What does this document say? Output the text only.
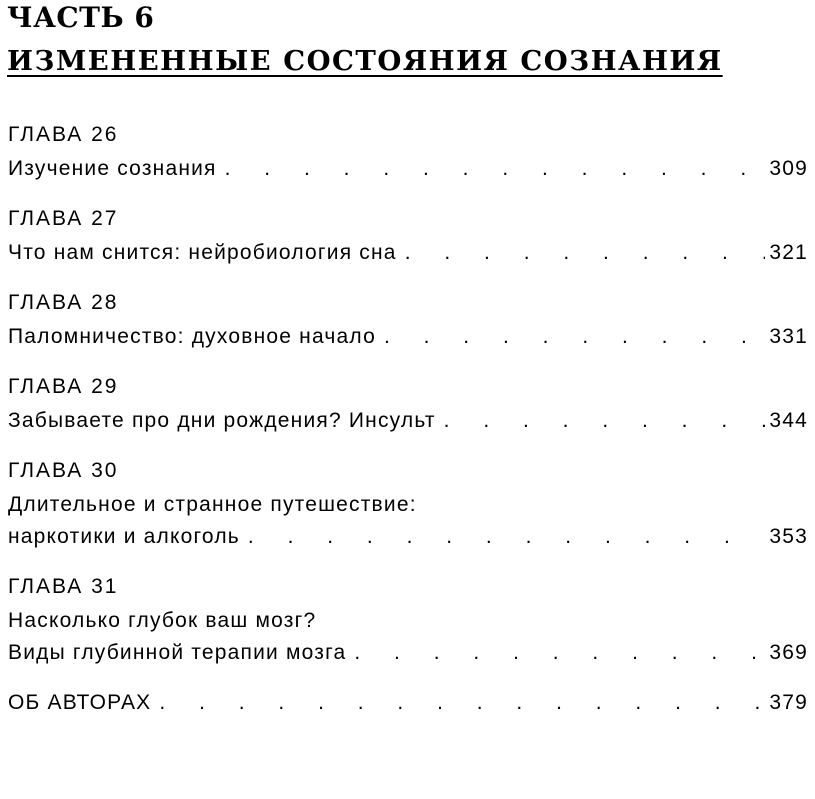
ЧАСТЬ 6
ИЗМЕНЕННЫЕ СОСТОЯНИЯ СОЗНАНИЯ
ГЛАВА 26
Изучение сознания . . .	309
ГЛАВА 27
Что нам снится: нейробиология сна . . .	321
ГЛАВА 28
Паломничество: духовное начало . . .	331
ГЛАВА 29
Забываете про дни рождения? Инсульт . . .	344
ГЛАВА 30
Длительное и странное путешествие:
наркотики и алкоголь . . .	353
ГЛАВА 31
Насколько глубок ваш мозг?
Виды глубинной терапии мозга . . .	369
ОБ АВТОРАХ . . .	379
